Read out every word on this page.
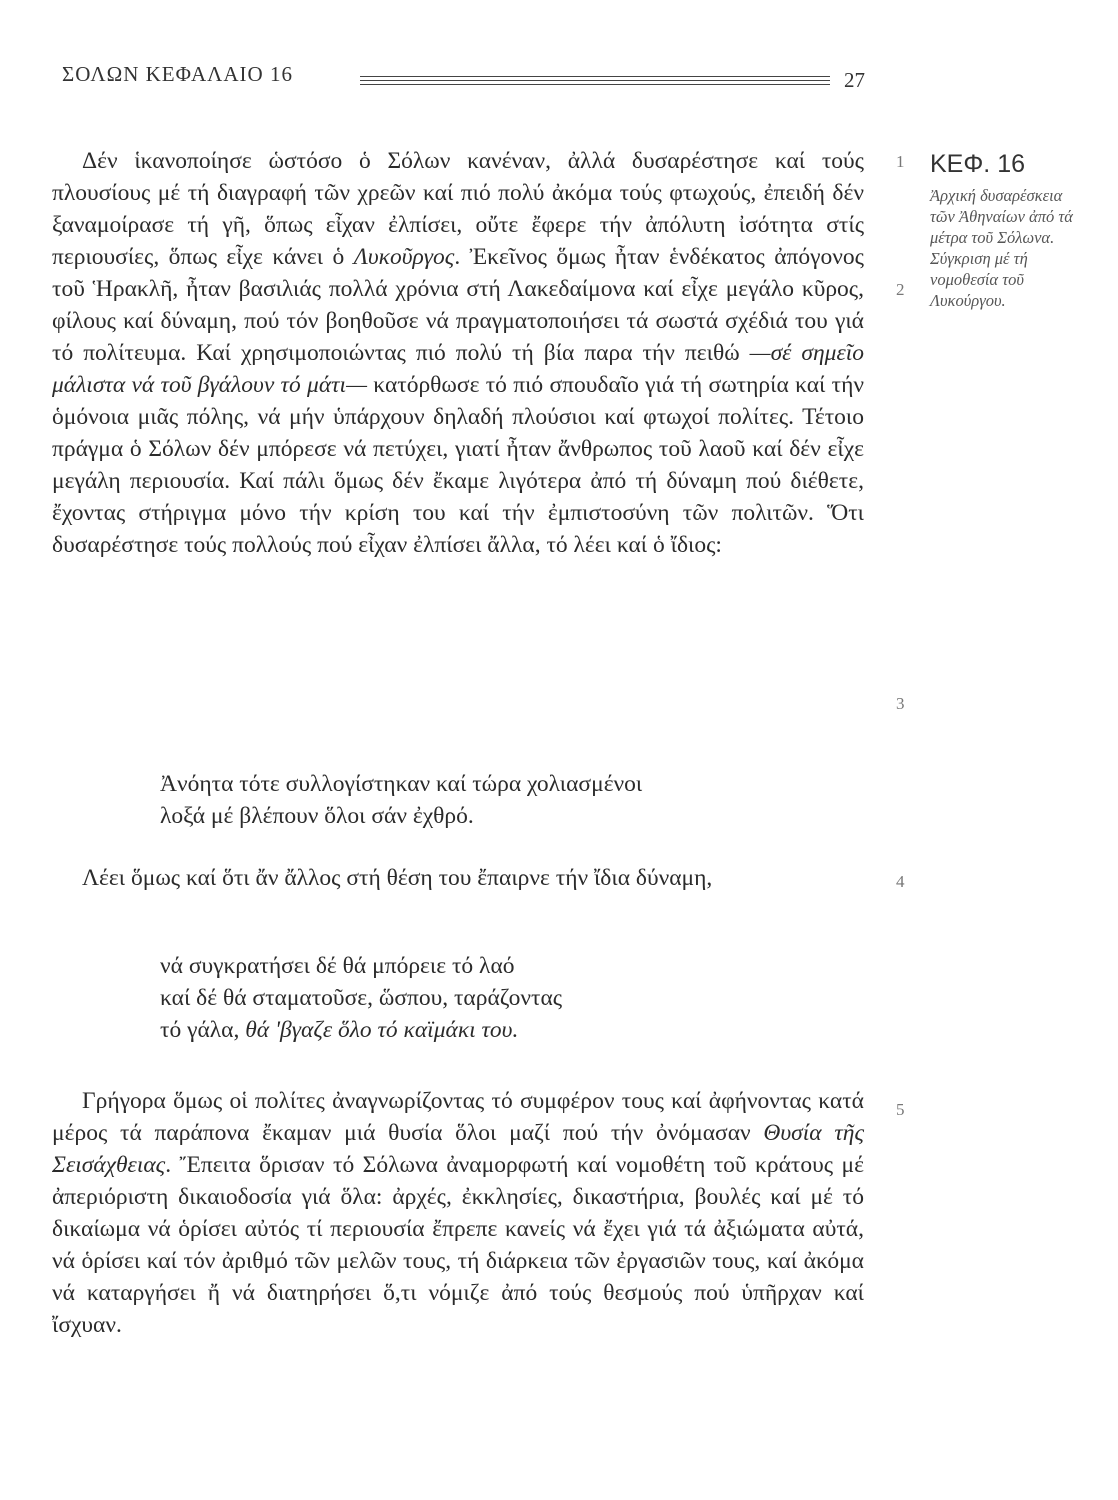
ΣΟΛΩΝ ΚΕΦΑΛΑΙΟ 16	27

Δέν ἱκανοποίησε ὡστόσο ὁ Σόλων κανέναν, ἀλλά δυσαρέστησε καί τούς πλουσίους μέ τή διαγραφή τῶν χρεῶν καί πιό πολύ ἀκόμα τούς φτωχούς, ἐπειδή δέν ξαναμοίρασε τή γῆ, ὅπως εἶχαν ἐλπίσει, οὔτε ἔφερε τήν ἀπόλυτη ἰσότητα στίς περιουσίες, ὅπως εἶχε κάνει ὁ Λυκοῦργος. Ἐκεῖνος ὅμως ἦταν ἑνδέκατος ἀπόγονος τοῦ Ἡρακλῆ, ἦταν βασιλιάς πολλά χρόνια στή Λακεδαίμονα καί εἶχε μεγάλο κῦρος, φίλους καί δύναμη, πού τόν βοηθοῦσε νά πραγματοποιήσει τά σωστά σχέδιά του γιά τό πολίτευμα. Καί χρησιμοποιώντας πιό πολύ τή βία παρα τήν πειθώ —σέ σημεῖο μάλιστα νά τοῦ βγάλουν τό μάτι— κατόρθωσε τό πιό σπουδαῖο γιά τή σωτηρία καί τήν ὁμόνοια μιᾶς πόλης, νά μήν ὑπάρχουν δηλαδή πλούσιοι καί φτωχοί πολίτες. Τέτοιο πράγμα ὁ Σόλων δέν μπόρεσε νά πετύχει, γιατί ἦταν ἄνθρωπος τοῦ λαοῦ καί δέν εἶχε μεγάλη περιουσία. Καί πάλι ὅμως δέν ἔκαμε λιγότερα ἀπό τή δύναμη πού διέθετε, ἔχοντας στήριγμα μόνο τήν κρίση του καί τήν ἐμπιστοσύνη τῶν πολιτῶν. Ὅτι δυσαρέστησε τούς πολλούς πού εἶχαν ἐλπίσει ἄλλα, τό λέει καί ὁ ἴδιος:

Ἀνόητα τότε συλλογίστηκαν καί τώρα χολιασμένοι
λοξά μέ βλέπουν ὅλοι σάν ἐχθρό.

Λέει ὅμως καί ὅτι ἄν ἄλλος στή θέση του ἔπαιρνε τήν ἴδια δύναμη,

νά συγκρατήσει δέ θά μπόρειε τό λαό
καί δέ θά σταματοῦσε, ὥσπου, ταράζοντας
τό γάλα, θά 'βγαζε ὅλο τό καϊμάκι του.

Γρήγορα ὅμως οἱ πολίτες ἀναγνωρίζοντας τό συμφέρον τους καί ἀφήνοντας κατά μέρος τά παράπονα ἔκαμαν μιά θυσία ὅλοι μαζί πού τήν ὀνόμασαν Θυσία τῆς Σεισάχθειας. Ἔπειτα ὅρισαν τό Σόλωνα ἀναμορφωτή καί νομοθέτη τοῦ κράτους μέ ἀπεριόριστη δικαιοδοσία γιά ὅλα: ἀρχές, ἐκκλησίες, δικαστήρια, βουλές καί μέ τό δικαίωμα νά ὁρίσει αὐτός τί περιουσία ἔπρεπε κανείς νά ἔχει γιά τά ἀξιώματα αὐτά, νά ὁρίσει καί τόν ἀριθμό τῶν μελῶν τους, τή διάρκεια τῶν ἐργασιῶν τους, καί ἀκόμα νά καταργήσει ἤ νά διατηρήσει ὅ,τι νόμιζε ἀπό τούς θεσμούς πού ὑπῆρχαν καί ἴσχυαν.

1
2
3
4
5
ΚΕΦ. 16

Ἀρχική δυσαρέσκεια τῶν Ἀθηναίων ἀπό τά μέτρα τοῦ Σόλωνα. Σύγκριση μέ τή νομοθεσία τοῦ Λυκούργου.
